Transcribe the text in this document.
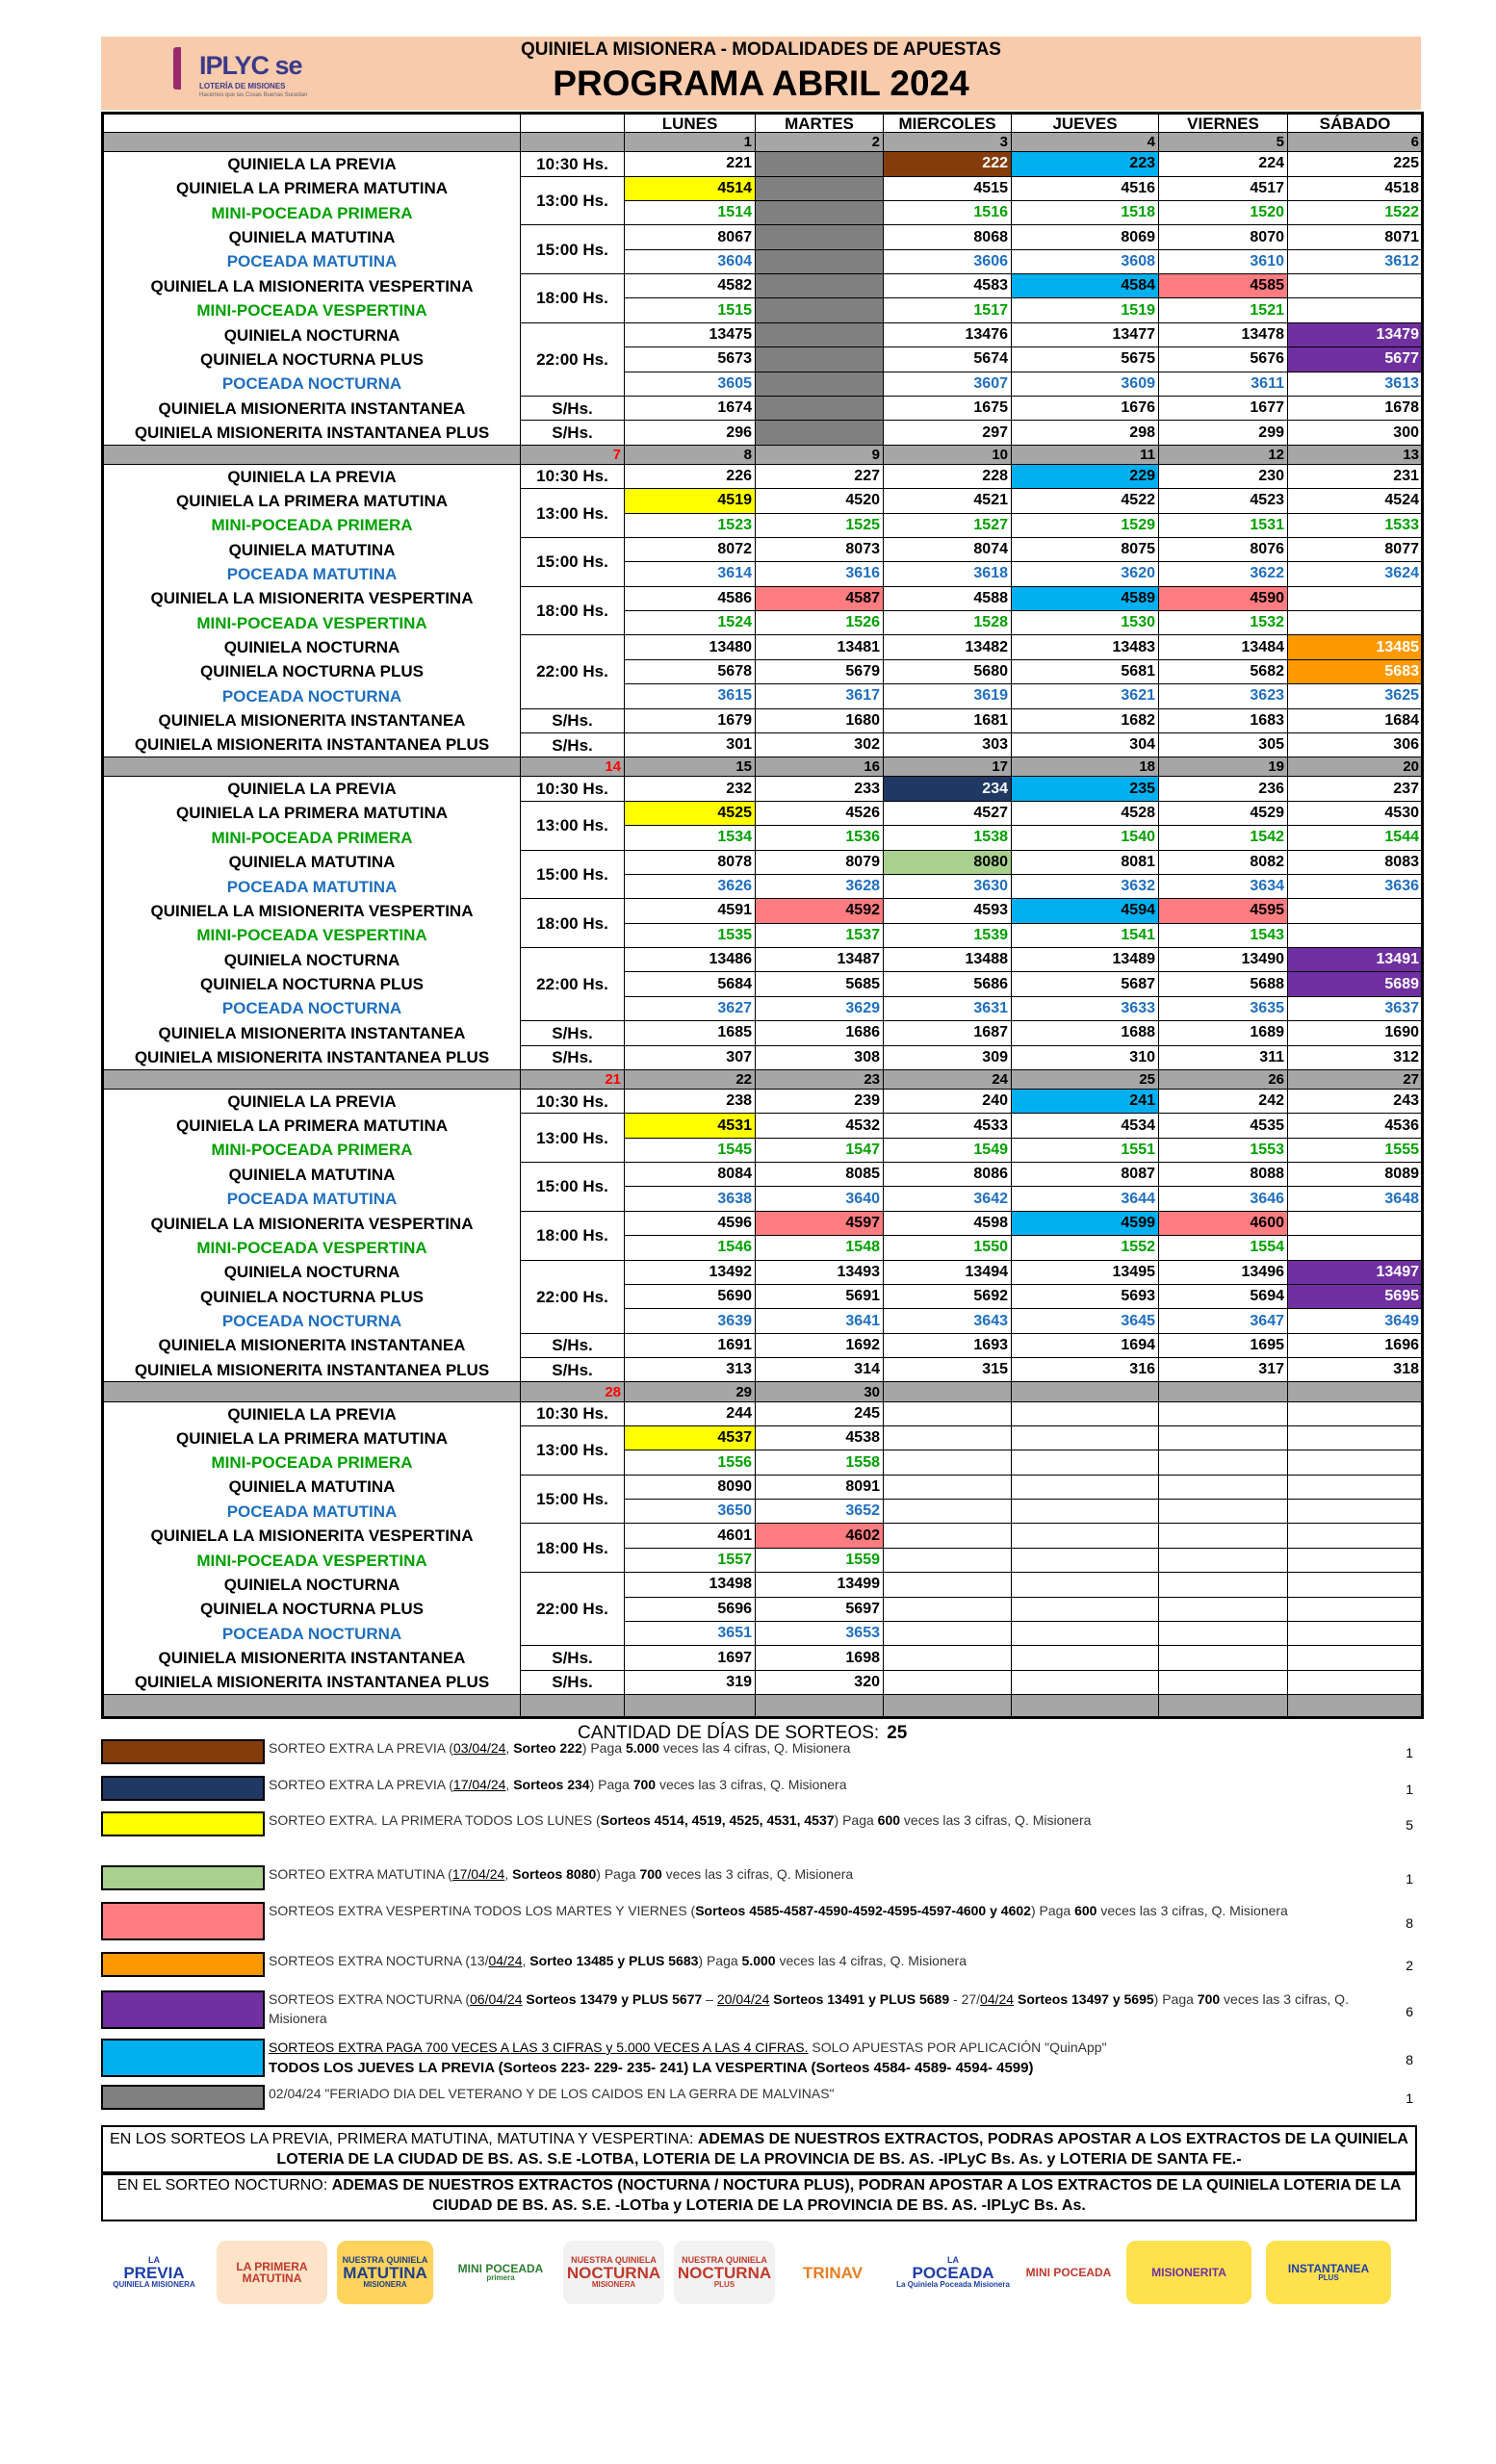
IPLYC se
LOTERÍA DE MISIONES
Hacemos que las Cosas Buenas Sucedan
QUINIELA MISIONERA - MODALIDADES DE APUESTAS
PROGRAMA ABRIL 2024
		LUNES	MARTES	MIERCOLES	JUEVES	VIERNES	SÁBADO	
		1	2	3	4	5	6	
QUINIELA LA PREVIA	10:30 Hs.	221		222	223	224	225	
QUINIELA LA PRIMERA MATUTINA	13:00 Hs.	4514		4515	4516	4517	4518	
MINI-POCEADA PRIMERA		1514		1516	1518	1520	1522	
QUINIELA MATUTINA	15:00 Hs.	8067		8068	8069	8070	8071	
POCEADA MATUTINA		3604		3606	3608	3610	3612	
QUINIELA LA MISIONERITA VESPERTINA	18:00 Hs.	4582		4583	4584	4585		
MINI-POCEADA VESPERTINA		1515		1517	1519	1521		
QUINIELA NOCTURNA	22:00 Hs.	13475		13476	13477	13478	13479	
QUINIELA NOCTURNA PLUS		5673		5674	5675	5676	5677	
POCEADA NOCTURNA		3605		3607	3609	3611	3613	
QUINIELA MISIONERITA INSTANTANEA	S/Hs.	1674		1675	1676	1677	1678	
QUINIELA MISIONERITA INSTANTANEA PLUS	S/Hs.	296		297	298	299	300	
	7	8	9	10	11	12	13	
QUINIELA LA PREVIA	10:30 Hs.	226	227	228	229	230	231	
QUINIELA LA PRIMERA MATUTINA	13:00 Hs.	4519	4520	4521	4522	4523	4524	
MINI-POCEADA PRIMERA		1523	1525	1527	1529	1531	1533	
QUINIELA MATUTINA	15:00 Hs.	8072	8073	8074	8075	8076	8077	
POCEADA MATUTINA		3614	3616	3618	3620	3622	3624	
QUINIELA LA MISIONERITA VESPERTINA	18:00 Hs.	4586	4587	4588	4589	4590		
MINI-POCEADA VESPERTINA		1524	1526	1528	1530	1532		
QUINIELA NOCTURNA	22:00 Hs.	13480	13481	13482	13483	13484	13485	
QUINIELA NOCTURNA PLUS		5678	5679	5680	5681	5682	5683	
POCEADA NOCTURNA		3615	3617	3619	3621	3623	3625	
QUINIELA MISIONERITA INSTANTANEA	S/Hs.	1679	1680	1681	1682	1683	1684	
QUINIELA MISIONERITA INSTANTANEA PLUS	S/Hs.	301	302	303	304	305	306	
	14	15	16	17	18	19	20	
QUINIELA LA PREVIA	10:30 Hs.	232	233	234	235	236	237	
QUINIELA LA PRIMERA MATUTINA	13:00 Hs.	4525	4526	4527	4528	4529	4530	
MINI-POCEADA PRIMERA		1534	1536	1538	1540	1542	1544	
QUINIELA MATUTINA	15:00 Hs.	8078	8079	8080	8081	8082	8083	
POCEADA MATUTINA		3626	3628	3630	3632	3634	3636	
QUINIELA LA MISIONERITA VESPERTINA	18:00 Hs.	4591	4592	4593	4594	4595		
MINI-POCEADA VESPERTINA		1535	1537	1539	1541	1543		
QUINIELA NOCTURNA	22:00 Hs.	13486	13487	13488	13489	13490	13491	
QUINIELA NOCTURNA PLUS		5684	5685	5686	5687	5688	5689	
POCEADA NOCTURNA		3627	3629	3631	3633	3635	3637	
QUINIELA MISIONERITA INSTANTANEA	S/Hs.	1685	1686	1687	1688	1689	1690	
QUINIELA MISIONERITA INSTANTANEA PLUS	S/Hs.	307	308	309	310	311	312	
	21	22	23	24	25	26	27	
QUINIELA LA PREVIA	10:30 Hs.	238	239	240	241	242	243	
QUINIELA LA PRIMERA MATUTINA	13:00 Hs.	4531	4532	4533	4534	4535	4536	
MINI-POCEADA PRIMERA		1545	1547	1549	1551	1553	1555	
QUINIELA MATUTINA	15:00 Hs.	8084	8085	8086	8087	8088	8089	
POCEADA MATUTINA		3638	3640	3642	3644	3646	3648	
QUINIELA LA MISIONERITA VESPERTINA	18:00 Hs.	4596	4597	4598	4599	4600		
MINI-POCEADA VESPERTINA		1546	1548	1550	1552	1554		
QUINIELA NOCTURNA	22:00 Hs.	13492	13493	13494	13495	13496	13497	
QUINIELA NOCTURNA PLUS		5690	5691	5692	5693	5694	5695	
POCEADA NOCTURNA		3639	3641	3643	3645	3647	3649	
QUINIELA MISIONERITA INSTANTANEA	S/Hs.	1691	1692	1693	1694	1695	1696	
QUINIELA MISIONERITA INSTANTANEA PLUS	S/Hs.	313	314	315	316	317	318	
	28	29	30					
QUINIELA LA PREVIA	10:30 Hs.	244	245					
QUINIELA LA PRIMERA MATUTINA	13:00 Hs.	4537	4538					
MINI-POCEADA PRIMERA		1556	1558					
QUINIELA MATUTINA	15:00 Hs.	8090	8091					
POCEADA MATUTINA		3650	3652					
QUINIELA LA MISIONERITA VESPERTINA	18:00 Hs.	4601	4602					
MINI-POCEADA VESPERTINA		1557	1559					
QUINIELA NOCTURNA	22:00 Hs.	13498	13499					
QUINIELA NOCTURNA PLUS		5696	5697					
POCEADA NOCTURNA		3651	3653					
QUINIELA MISIONERITA INSTANTANEA	S/Hs.	1697	1698					
QUINIELA MISIONERITA INSTANTANEA PLUS	S/Hs.	319	320					

CANTIDAD DE DÍAS DE SORTEOS: 25
SORTEO EXTRA LA PREVIA (03/04/24, Sorteo 222) Paga 5.000 veces las 4 cifras, Q. Misionera	1
SORTEO EXTRA LA PREVIA (17/04/24, Sorteos 234) Paga 700 veces las 3 cifras, Q. Misionera	1
SORTEO EXTRA. LA PRIMERA TODOS LOS LUNES (Sorteos 4514, 4519, 4525, 4531, 4537) Paga 600 veces las 3 cifras, Q. Misionera	5
SORTEO EXTRA MATUTINA (17/04/24, Sorteos 8080) Paga 700 veces las 3 cifras, Q. Misionera	1
SORTEOS EXTRA VESPERTINA TODOS LOS MARTES Y VIERNES (Sorteos 4585-4587-4590-4592-4595-4597-4600 y 4602) Paga 600 veces las 3 cifras, Q. Misionera
8
SORTEOS EXTRA NOCTURNA (13/04/24, Sorteo 13485 y PLUS 5683) Paga 5.000 veces las 4 cifras, Q. Misionera	2
SORTEOS EXTRA NOCTURNA (06/04/24 Sorteos 13479 y PLUS 5677 – 20/04/24 Sorteos 13491 y PLUS 5689 - 27/04/24 Sorteos 13497 y 5695) Paga 700 veces las 3 cifras, Q. Misionera	6
SORTEOS EXTRA PAGA 700 VECES A LAS 3 CIFRAS y 5.000 VECES A LAS 4 CIFRAS. SOLO APUESTAS POR APLICACIÓN "QuinApp"
TODOS LOS JUEVES LA PREVIA (Sorteos 223- 229- 235- 241) LA VESPERTINA (Sorteos 4584- 4589- 4594- 4599)	8
02/04/24 "FERIADO DIA DEL VETERANO Y DE LOS CAIDOS EN LA GERRA DE MALVINAS"	1
EN LOS SORTEOS LA PREVIA, PRIMERA MATUTINA, MATUTINA Y VESPERTINA: ADEMAS DE NUESTROS EXTRACTOS, PODRAS APOSTAR A LOS EXTRACTOS DE LA QUINIELA LOTERIA DE LA CIUDAD DE BS. AS. S.E -LOTBA, LOTERIA DE LA PROVINCIA DE BS. AS. -IPLyC Bs. As. y LOTERIA DE SANTA FE.-
EN EL SORTEO NOCTURNO: ADEMAS DE NUESTROS EXTRACTOS (NOCTURNA / NOCTURA PLUS), PODRAN APOSTAR A LOS EXTRACTOS DE LA QUINIELA LOTERIA DE LA CIUDAD DE BS. AS. S.E. -LOTba y LOTERIA DE LA PROVINCIA DE BS. AS. -IPLyC Bs. As.
LA
PREVIA
QUINIELA MISIONERA
LA PRIMERA MATUTINA
NUESTRA QUINIELA
MATUTINA
MISIONERA
MINI POCEADA
primera
NUESTRA QUINIELA
NOCTURNA
MISIONERA
NUESTRA QUINIELA
NOCTURNA
PLUS
TRINAV
LA
POCEADA
La Quiniela Poceada Misionera
MINI POCEADA	MISIONERITA	INSTANTANEA
PLUS
